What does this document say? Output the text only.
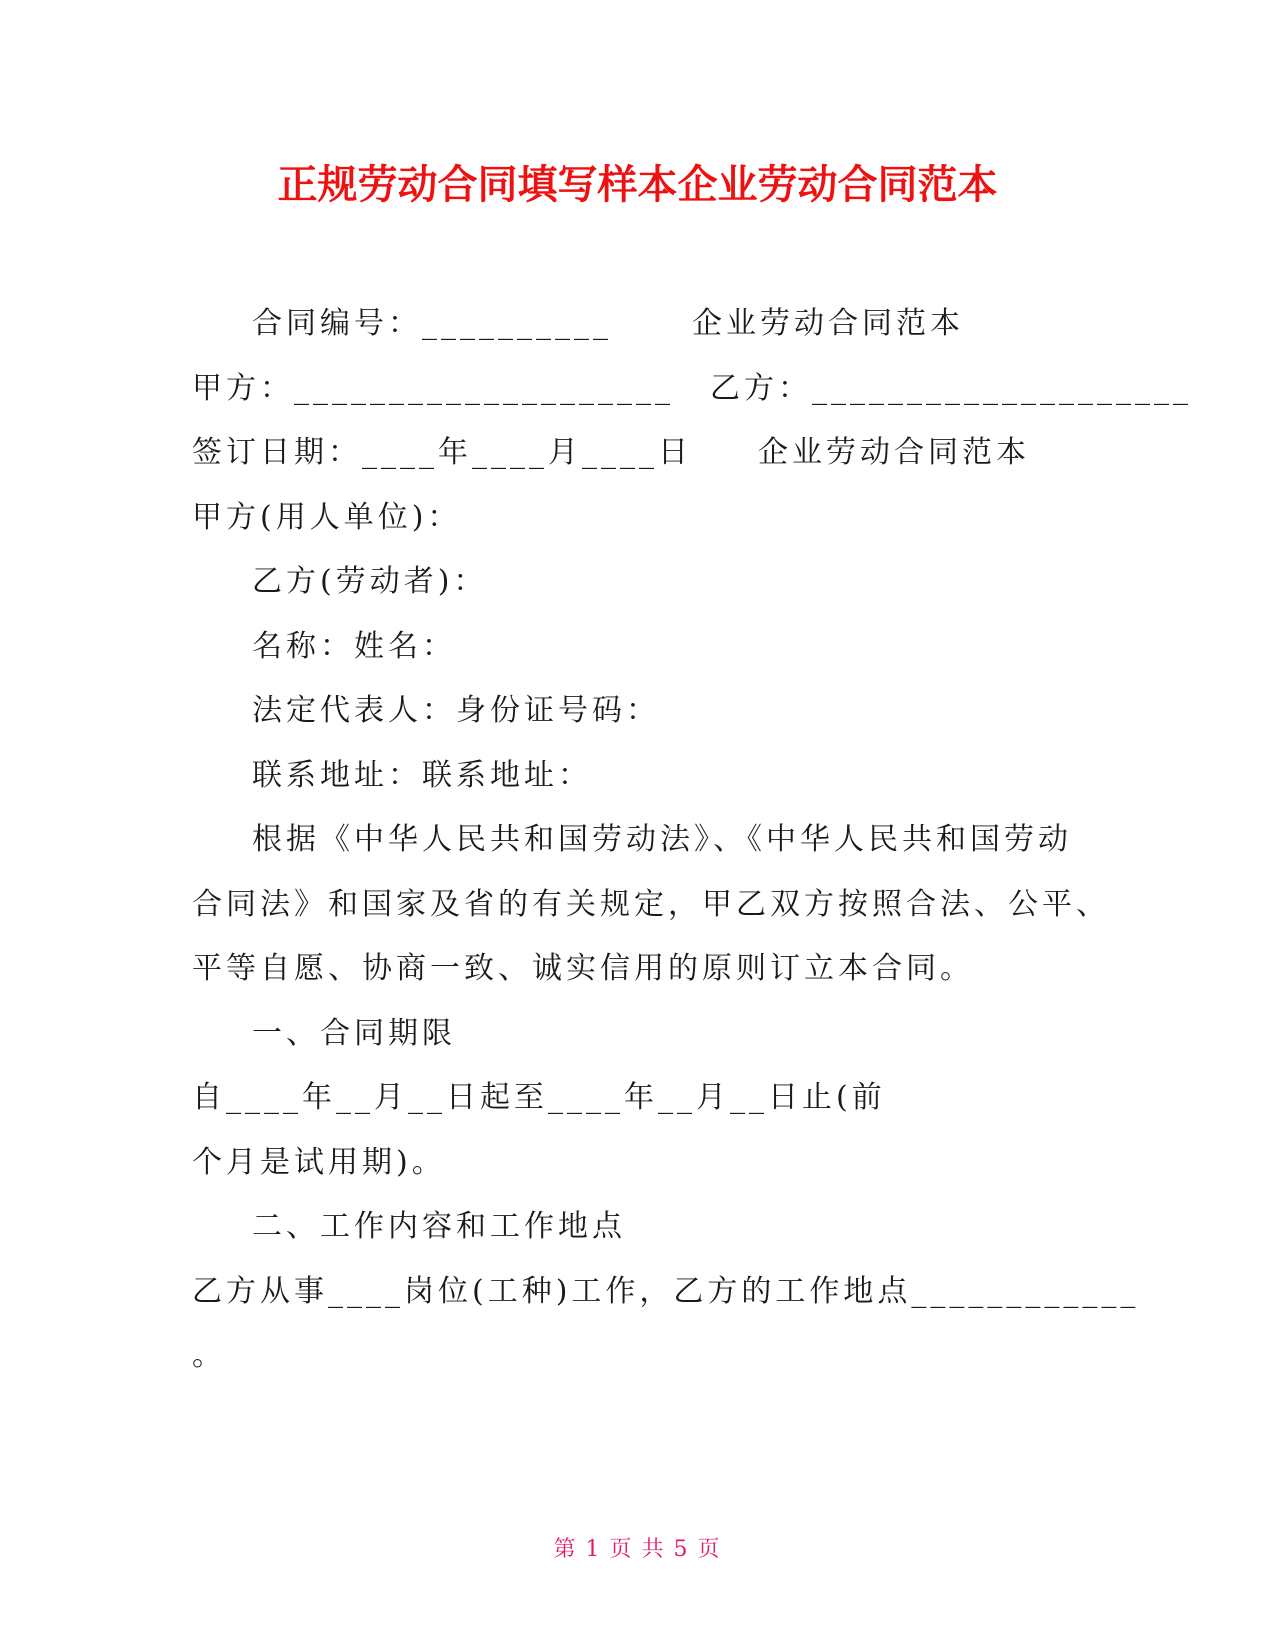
正规劳动合同填写样本企业劳动合同范本
合同编号：__________	企业劳动合同范本
甲方：____________________ 乙方：____________________
签订日期：____年____月____日 企业劳动合同范本
甲方(用人单位)：
乙方(劳动者)：
名称：姓名：
法定代表人：身份证号码：
联系地址：联系地址：
根据《中华人民共和国劳动法》、《中华人民共和国劳动
合同法》和国家及省的有关规定，甲乙双方按照合法、公平、
平等自愿、协商一致、诚实信用的原则订立本合同。
一、合同期限
自____年__月__日起至____年__月__日止(前
个月是试用期)。
二、工作内容和工作地点
乙方从事____岗位(工种)工作，乙方的工作地点____________
。
第 1 页 共 5 页
